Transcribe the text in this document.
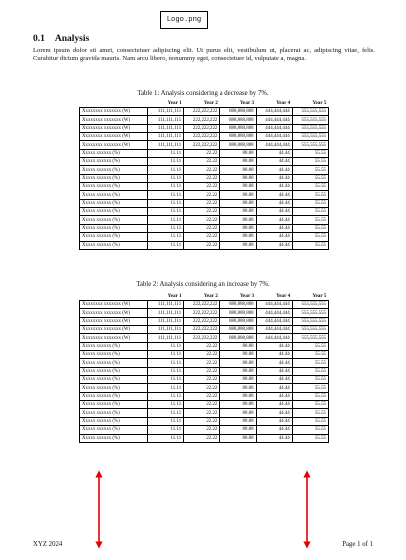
Logo.png
0.1 Analysis
Lorem ipsum dolor sit amet, consectetuer adipiscing elit. Ut purus elit, vestibulum ut, placerat ac, adipiscing vitae, felis. Curabitur dictum gravida mauris. Nam arcu libero, nonummy eget, consectetuer id, vulputate a, magna.
Table 1: Analysis considering a decrease by 7%.
	Year 1	Year 2	Year 3	Year 4	Year 5
Xxxxxxxx xxxxxxx (W)	111,111,111	222,222,222	888,888,888	444,444,444	555,555,555
Xxxxxxxx xxxxxxx (W)	111,111,111	222,222,222	888,888,888	444,444,444	555,555,555
Xxxxxxxx xxxxxxx (W)	111,111,111	222,222,222	888,888,888	444,444,444	555,555,555
Xxxxxxxx xxxxxxx (W)	111,111,111	222,222,222	888,888,888	444,444,444	555,555,555
Xxxxxxxx xxxxxxx (W)	111,111,111	222,222,222	888,888,888	444,444,444	555,555,555
Xxxxx xxxxxx (%)	11.11	22.22	88.88	44.44	55.55
Xxxxx xxxxxx (%)	11.11	22.22	88.88	44.44	55.55
Xxxxx xxxxxx (%)	11.11	22.22	88.88	44.44	55.55
Xxxxx xxxxxx (%)	11.11	22.22	88.88	44.44	55.55
Xxxxx xxxxxx (%)	11.11	22.22	88.88	44.44	55.55
Xxxxx xxxxxx (%)	11.11	22.22	88.88	44.44	55.55
Xxxxx xxxxxx (%)	11.11	22.22	88.88	44.44	55.55
Xxxxx xxxxxx (%)	11.11	22.22	88.88	44.44	55.55
Xxxxx xxxxxx (%)	11.11	22.22	88.88	44.44	55.55
Xxxxx xxxxxx (%)	11.11	22.22	88.88	44.44	55.55
Xxxxx xxxxxx (%)	11.11	22.22	88.88	44.44	55.55
Xxxxx xxxxxx (%)	11.11	22.22	88.88	44.44	55.55
Table 2: Analysis considering an increase by 7%.
	Year 1	Year 2	Year 3	Year 4	Year 5
Xxxxxxxx xxxxxxx (W)	111,111,111	222,222,222	888,888,888	444,444,444	555,555,555
Xxxxxxxx xxxxxxx (W)	111,111,111	222,222,222	888,888,888	444,444,444	555,555,555
Xxxxxxxx xxxxxxx (W)	111,111,111	222,222,222	888,888,888	444,444,444	555,555,555
Xxxxxxxx xxxxxxx (W)	111,111,111	222,222,222	888,888,888	444,444,444	555,555,555
Xxxxxxxx xxxxxxx (W)	111,111,111	222,222,222	888,888,888	444,444,444	555,555,555
Xxxxx xxxxxx (%)	11.11	22.22	88.88	44.44	55.55
Xxxxx xxxxxx (%)	11.11	22.22	88.88	44.44	55.55
Xxxxx xxxxxx (%)	11.11	22.22	88.88	44.44	55.55
Xxxxx xxxxxx (%)	11.11	22.22	88.88	44.44	55.55
Xxxxx xxxxxx (%)	11.11	22.22	88.88	44.44	55.55
Xxxxx xxxxxx (%)	11.11	22.22	88.88	44.44	55.55
Xxxxx xxxxxx (%)	11.11	22.22	88.88	44.44	55.55
Xxxxx xxxxxx (%)	11.11	22.22	88.88	44.44	55.55
Xxxxx xxxxxx (%)	11.11	22.22	88.88	44.44	55.55
Xxxxx xxxxxx (%)	11.11	22.22	88.88	44.44	55.55
Xxxxx xxxxxx (%)	11.11	22.22	88.88	44.44	55.55
Xxxxx xxxxxx (%)	11.11	22.22	88.88	44.44	55.55
XYZ 2024	Page 1 of 1
